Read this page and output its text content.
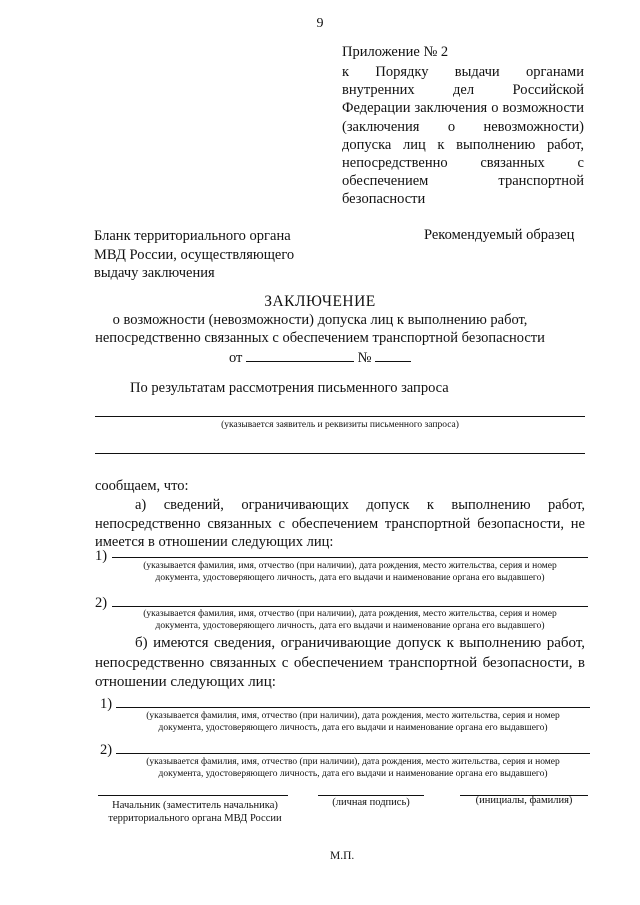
9
Приложение № 2
к Порядку выдачи органами внутренних дел Российской Федерации заключения о возможности (заключения о невозможности) допуска лиц к выполнению работ, непосредственно связанных с обеспечением транспортной безопасности
Бланк территориального органа
МВД России, осуществляющего
выдачу заключения
Рекомендуемый образец
ЗАКЛЮЧЕНИЕ
о возможности (невозможности) допуска лиц к выполнению работ,
непосредственно связанных с обеспечением транспортной безопасности
от	№
По результатам рассмотрения письменного запроса
(указывается заявитель и реквизиты письменного запроса)
сообщаем, что:
а) сведений, ограничивающих допуск к выполнению работ, непосредственно связанных с обеспечением транспортной безопасности, не имеется в отношении следующих лиц:
1)
(указывается фамилия, имя, отчество (при наличии), дата рождения, место жительства, серия и номер
документа, удостоверяющего личность, дата его выдачи и наименование органа его выдавшего)
2)
(указывается фамилия, имя, отчество (при наличии), дата рождения, место жительства, серия и номер
документа, удостоверяющего личность, дата его выдачи и наименование органа его выдавшего)
б) имеются сведения, ограничивающие допуск к выполнению работ, непосредственно связанных с обеспечением транспортной безопасности, в отношении следующих лиц:
1)
(указывается фамилия, имя, отчество (при наличии), дата рождения, место жительства, серия и номер
документа, удостоверяющего личность, дата его выдачи и наименование органа его выдавшего)
2)
(указывается фамилия, имя, отчество (при наличии), дата рождения, место жительства, серия и номер
документа, удостоверяющего личность, дата его выдачи и наименование органа его выдавшего)
Начальник (заместитель начальника)
территориального органа МВД России
(личная подпись)	(инициалы, фамилия)
М.П.
